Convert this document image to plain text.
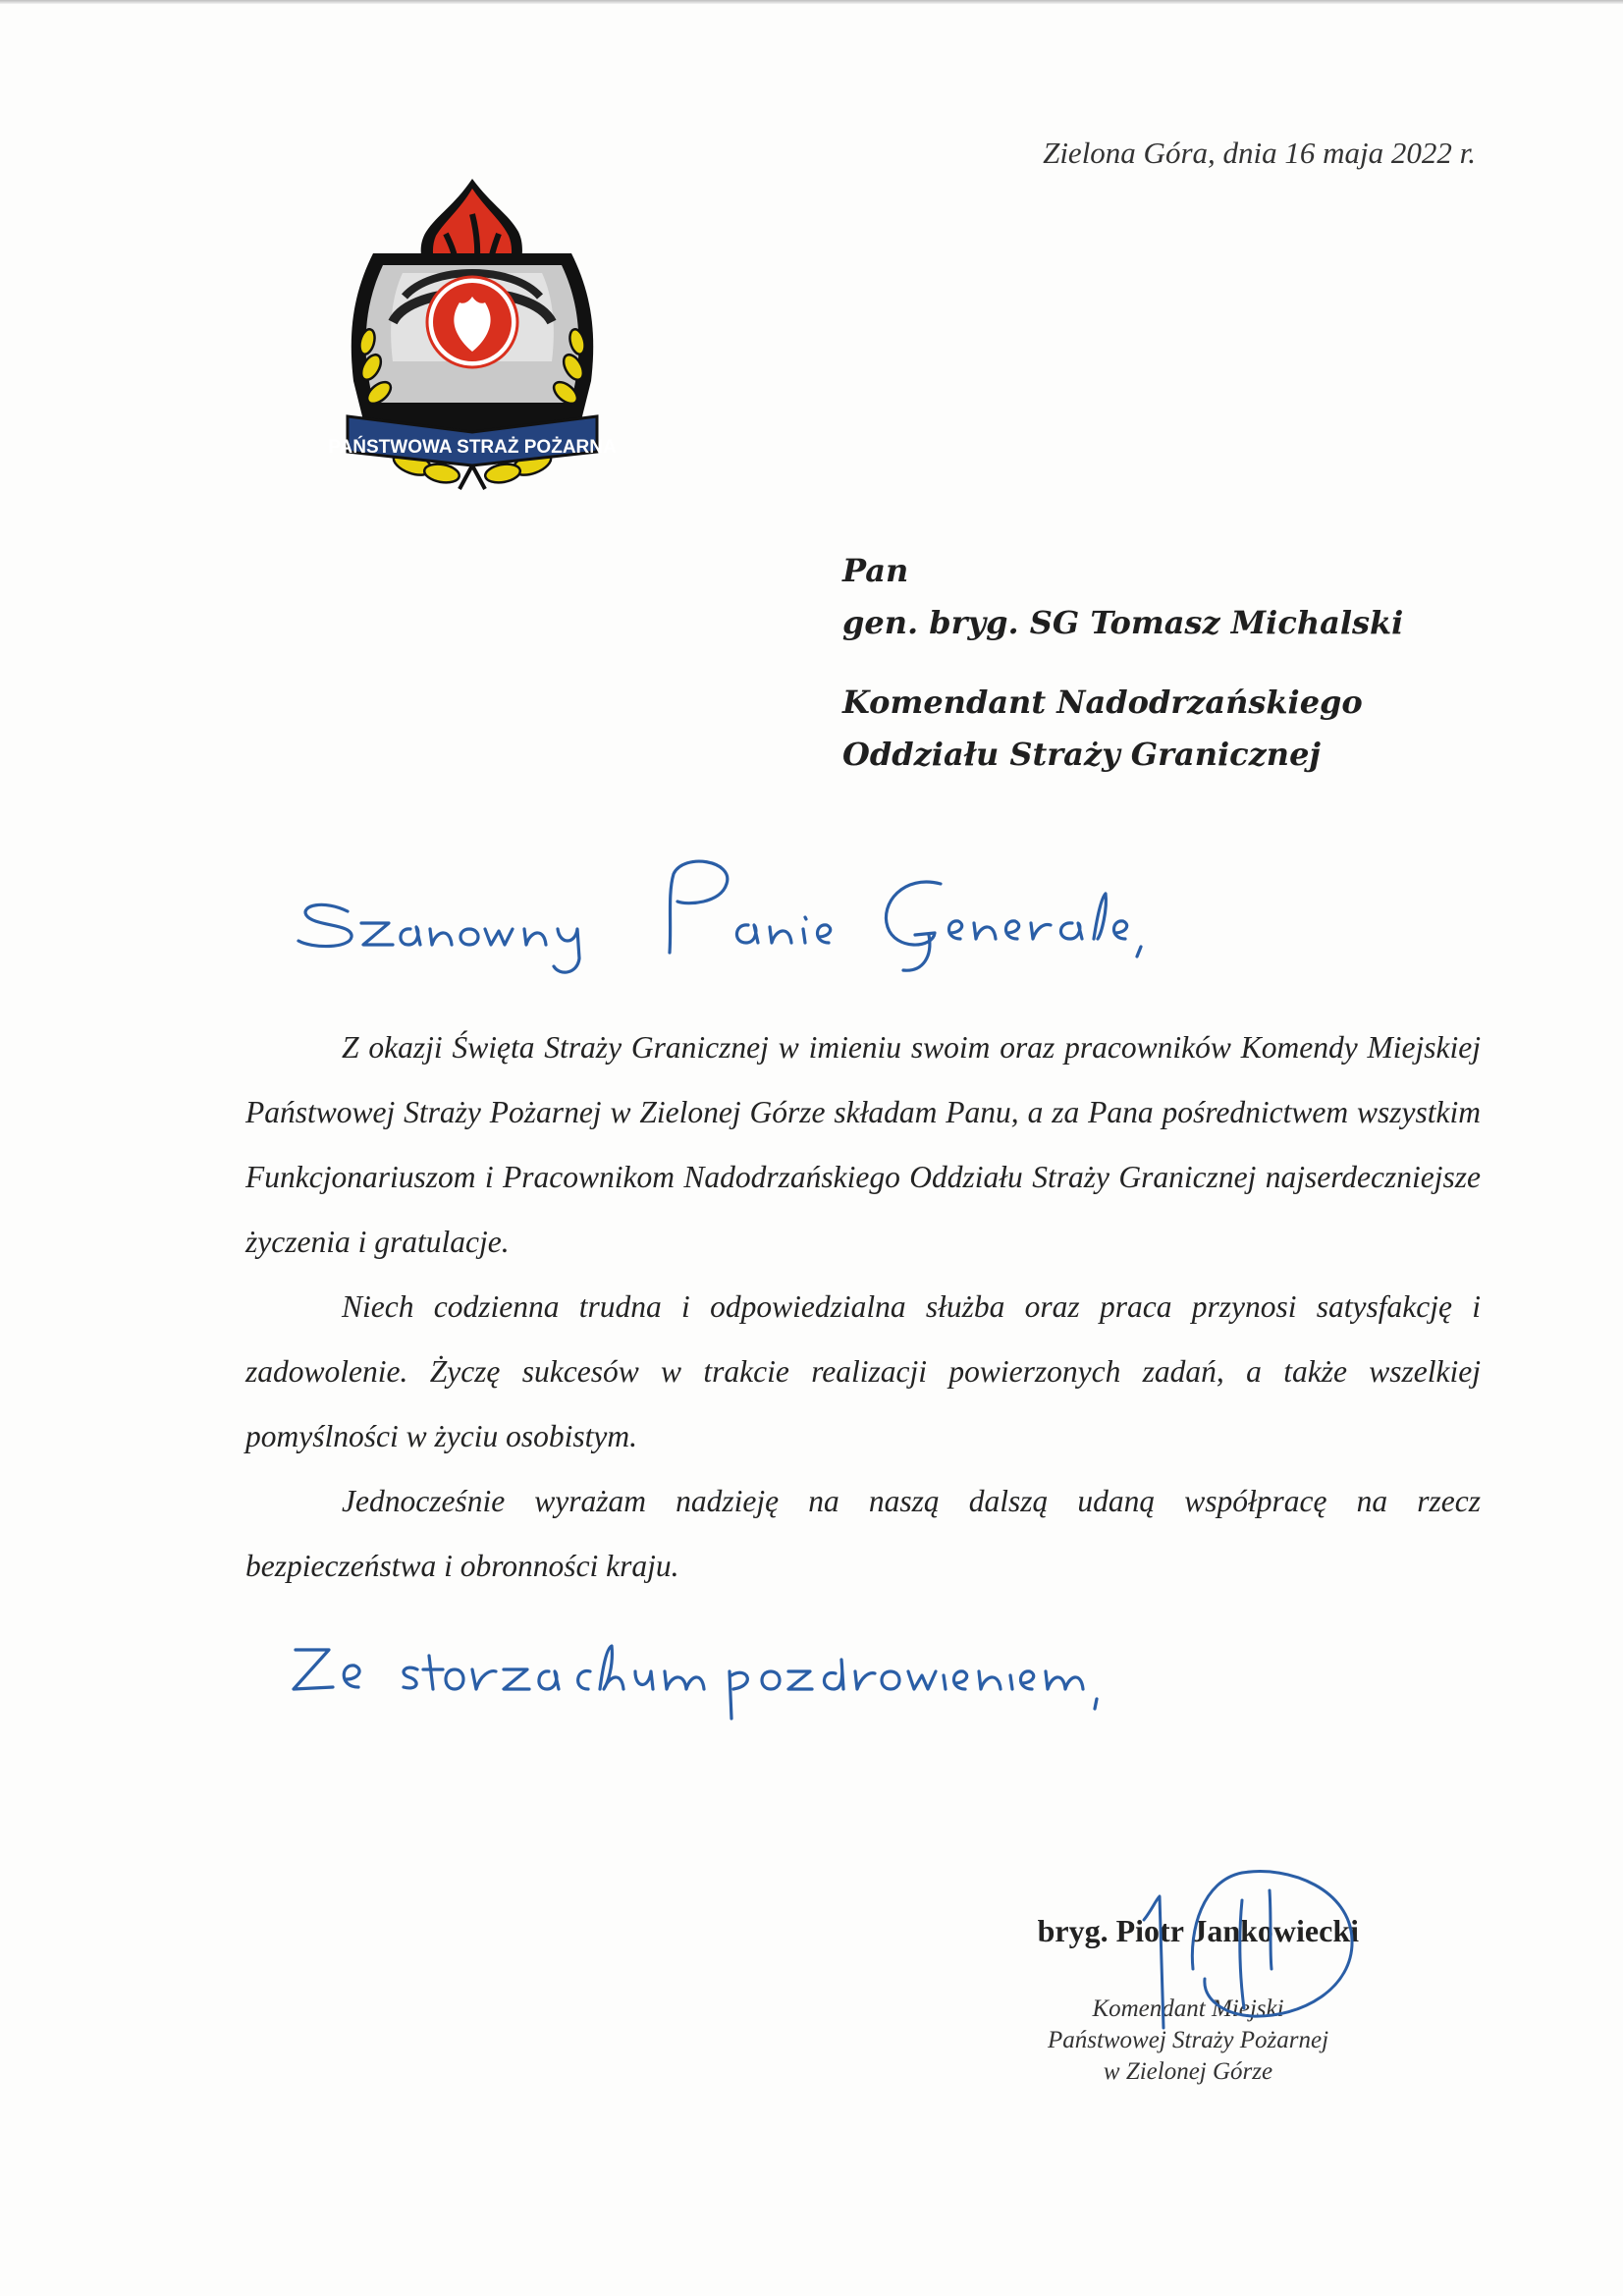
Zielona Góra, dnia 16 maja 2022 r.
PAŃSTWOWA STRAŻ POŻARNA
Pan
gen. bryg. SG Tomasz Michalski
Komendant Nadodrzańskiego
Oddziału Straży Granicznej

Z okazji Święta Straży Granicznej w imieniu swoim oraz pracowników Komendy Miejskiej Państwowej Straży Pożarnej w Zielonej Górze składam Panu, a za Pana pośrednictwem wszystkim Funkcjonariuszom i Pracownikom Nadodrzańskiego Oddziału Straży Granicznej najserdeczniejsze życzenia i gratulacje.

Niech codzienna trudna i odpowiedzialna służba oraz praca przynosi satysfakcję i zadowolenie. Życzę sukcesów w trakcie realizacji powierzonych zadań, a także wszelkiej pomyślności w życiu osobistym.

Jednocześnie wyrażam nadzieję na naszą dalszą udaną współpracę na rzecz bezpieczeństwa i obronności kraju.

bryg. Piotr Jankowiecki
Komendant Miejski
Państwowej Straży Pożarnej
w Zielonej Górze
